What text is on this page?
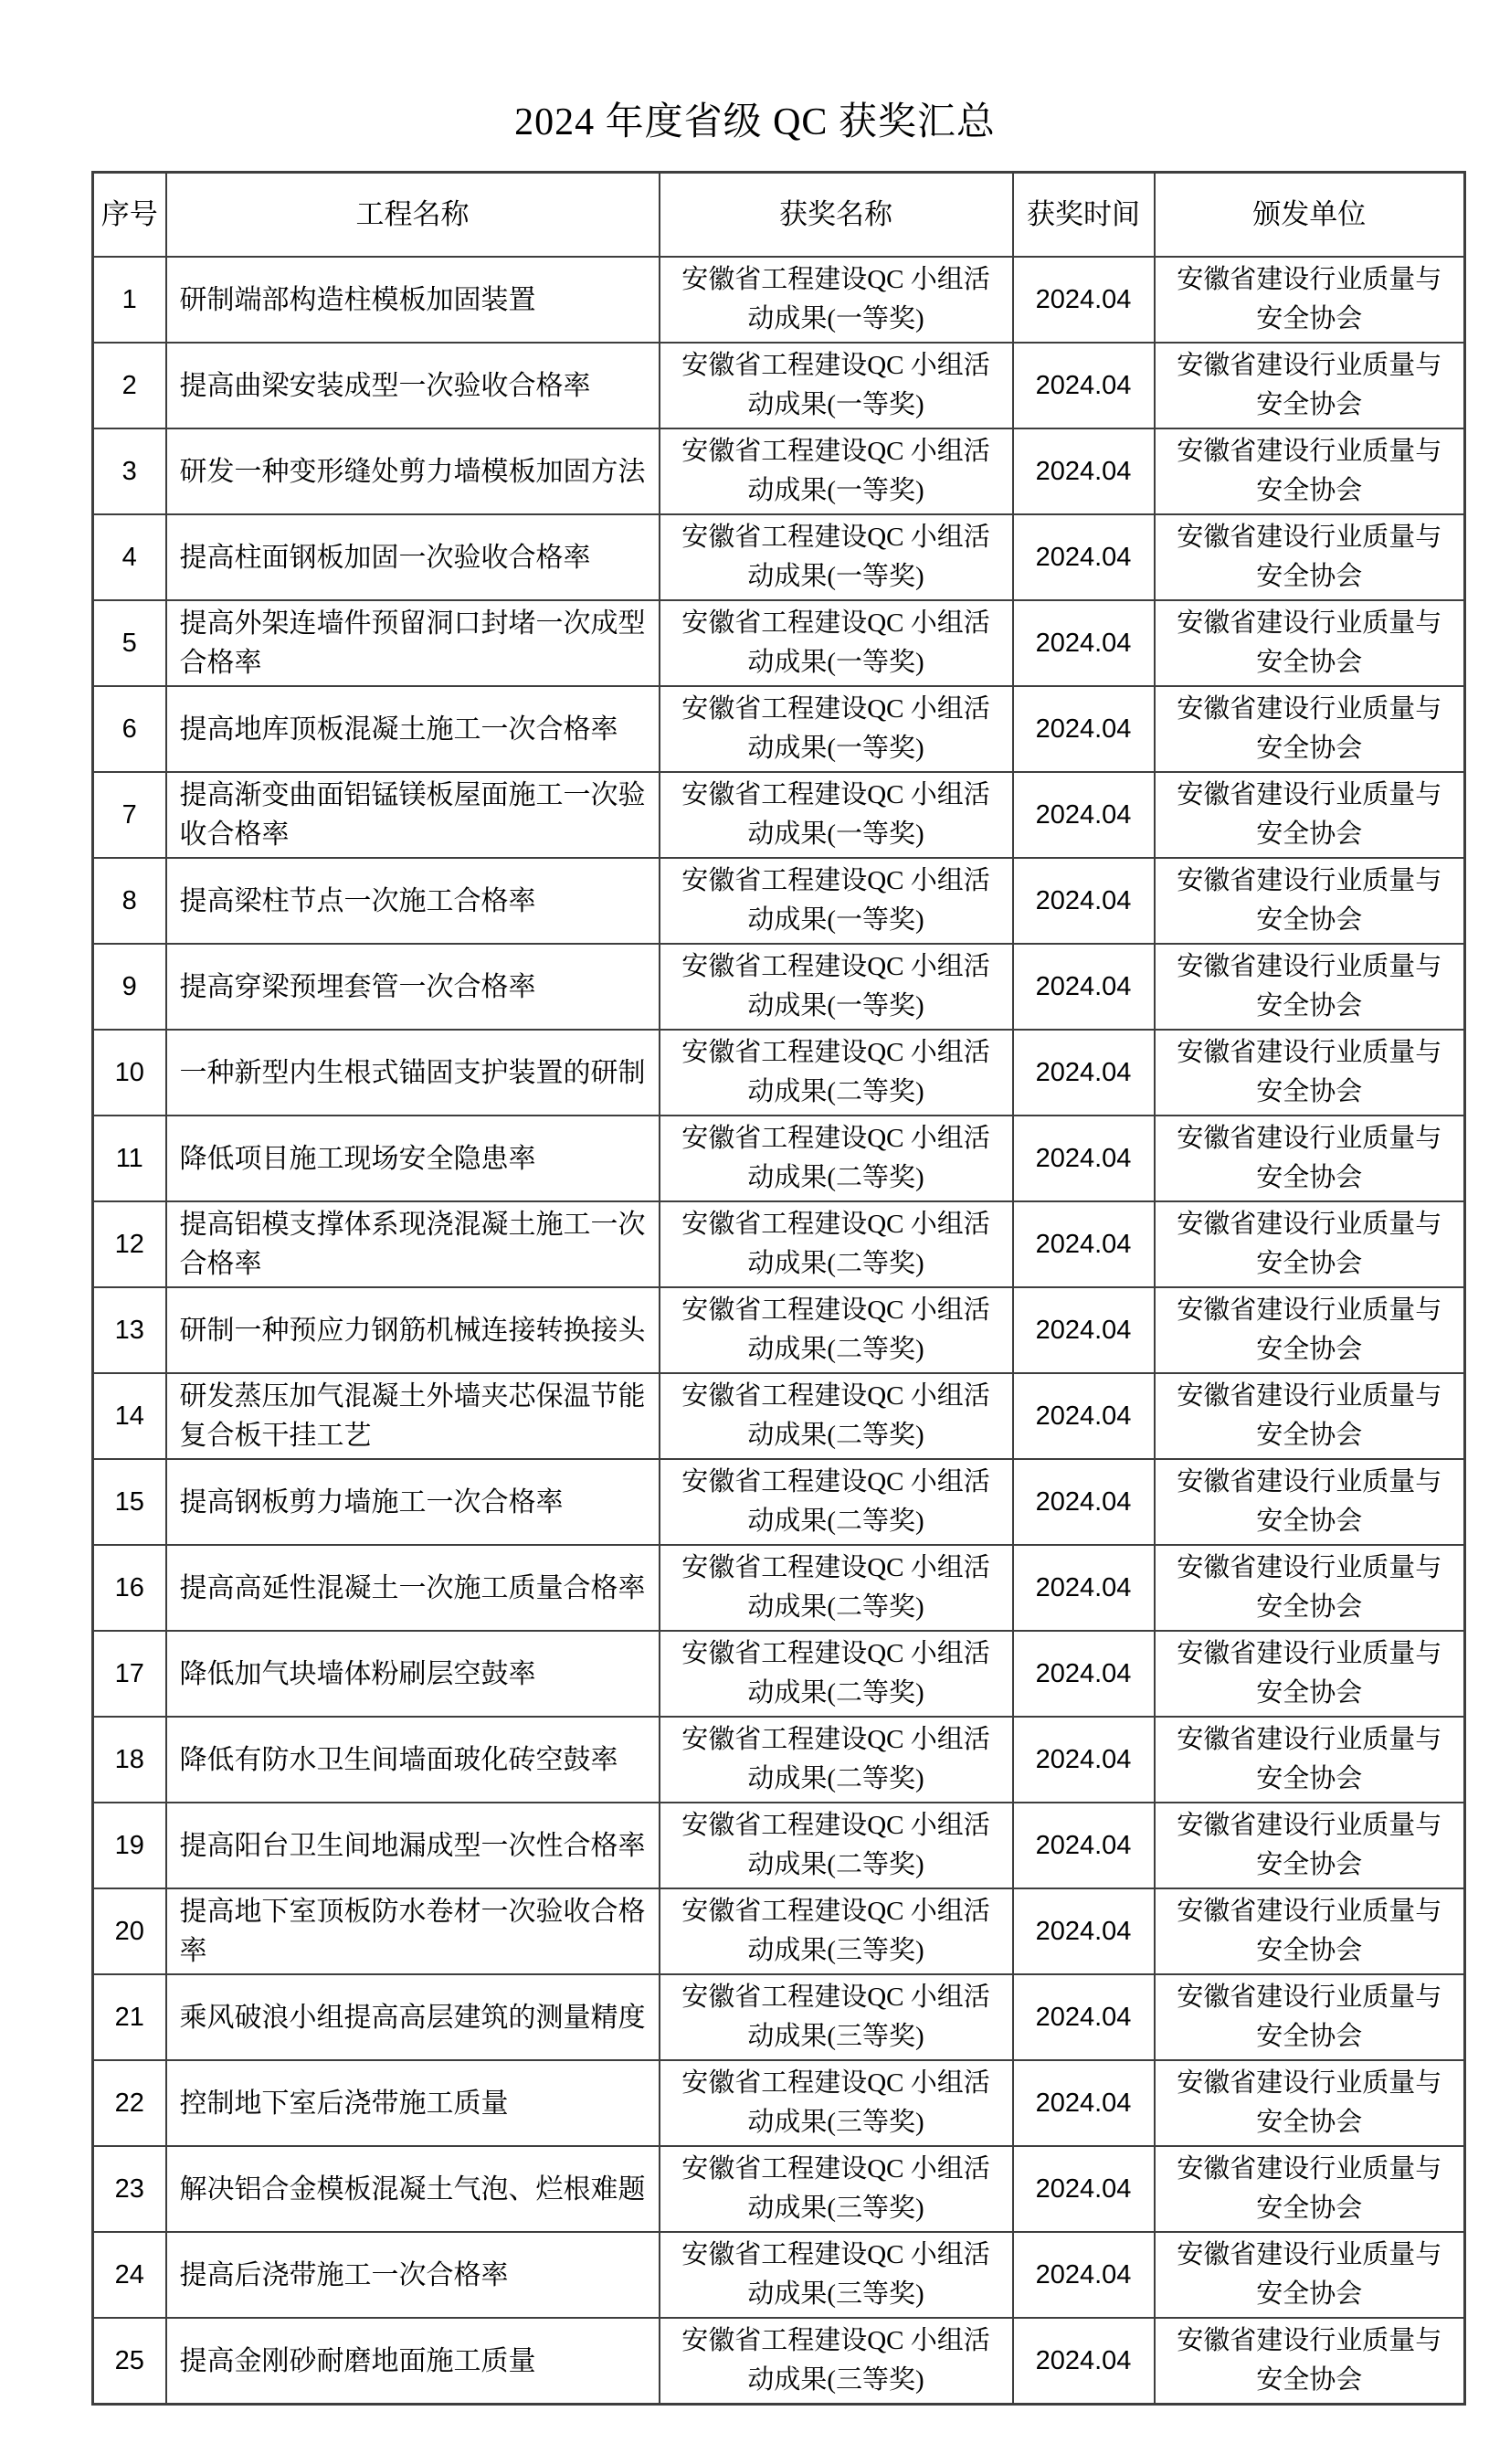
2024 年度省级 QC 获奖汇总
序号	工程名称	获奖名称	获奖时间	颁发单位
1	研制端部构造柱模板加固装置	安徽省工程建设QC 小组活动成果(一等奖)	2024.04	安徽省建设行业质量与安全协会
2	提高曲梁安装成型一次验收合格率	安徽省工程建设QC 小组活动成果(一等奖)	2024.04	安徽省建设行业质量与安全协会
3	研发一种变形缝处剪力墙模板加固方法	安徽省工程建设QC 小组活动成果(一等奖)	2024.04	安徽省建设行业质量与安全协会
4	提高柱面钢板加固一次验收合格率	安徽省工程建设QC 小组活动成果(一等奖)	2024.04	安徽省建设行业质量与安全协会
5	提高外架连墙件预留洞口封堵一次成型合格率	安徽省工程建设QC 小组活动成果(一等奖)	2024.04	安徽省建设行业质量与安全协会
6	提高地库顶板混凝土施工一次合格率	安徽省工程建设QC 小组活动成果(一等奖)	2024.04	安徽省建设行业质量与安全协会
7	提高渐变曲面铝锰镁板屋面施工一次验收合格率	安徽省工程建设QC 小组活动成果(一等奖)	2024.04	安徽省建设行业质量与安全协会
8	提高梁柱节点一次施工合格率	安徽省工程建设QC 小组活动成果(一等奖)	2024.04	安徽省建设行业质量与安全协会
9	提高穿梁预埋套管一次合格率	安徽省工程建设QC 小组活动成果(一等奖)	2024.04	安徽省建设行业质量与安全协会
10	一种新型内生根式锚固支护装置的研制	安徽省工程建设QC 小组活动成果(二等奖)	2024.04	安徽省建设行业质量与安全协会
11	降低项目施工现场安全隐患率	安徽省工程建设QC 小组活动成果(二等奖)	2024.04	安徽省建设行业质量与安全协会
12	提高铝模支撑体系现浇混凝土施工一次合格率	安徽省工程建设QC 小组活动成果(二等奖)	2024.04	安徽省建设行业质量与安全协会
13	研制一种预应力钢筋机械连接转换接头	安徽省工程建设QC 小组活动成果(二等奖)	2024.04	安徽省建设行业质量与安全协会
14	研发蒸压加气混凝土外墙夹芯保温节能复合板干挂工艺	安徽省工程建设QC 小组活动成果(二等奖)	2024.04	安徽省建设行业质量与安全协会
15	提高钢板剪力墙施工一次合格率	安徽省工程建设QC 小组活动成果(二等奖)	2024.04	安徽省建设行业质量与安全协会
16	提高高延性混凝土一次施工质量合格率	安徽省工程建设QC 小组活动成果(二等奖)	2024.04	安徽省建设行业质量与安全协会
17	降低加气块墙体粉刷层空鼓率	安徽省工程建设QC 小组活动成果(二等奖)	2024.04	安徽省建设行业质量与安全协会
18	降低有防水卫生间墙面玻化砖空鼓率	安徽省工程建设QC 小组活动成果(二等奖)	2024.04	安徽省建设行业质量与安全协会
19	提高阳台卫生间地漏成型一次性合格率	安徽省工程建设QC 小组活动成果(二等奖)	2024.04	安徽省建设行业质量与安全协会
20	提高地下室顶板防水卷材一次验收合格率	安徽省工程建设QC 小组活动成果(三等奖)	2024.04	安徽省建设行业质量与安全协会
21	乘风破浪小组提高高层建筑的测量精度	安徽省工程建设QC 小组活动成果(三等奖)	2024.04	安徽省建设行业质量与安全协会
22	控制地下室后浇带施工质量	安徽省工程建设QC 小组活动成果(三等奖)	2024.04	安徽省建设行业质量与安全协会
23	解决铝合金模板混凝土气泡、烂根难题	安徽省工程建设QC 小组活动成果(三等奖)	2024.04	安徽省建设行业质量与安全协会
24	提高后浇带施工一次合格率	安徽省工程建设QC 小组活动成果(三等奖)	2024.04	安徽省建设行业质量与安全协会
25	提高金刚砂耐磨地面施工质量	安徽省工程建设QC 小组活动成果(三等奖)	2024.04	安徽省建设行业质量与安全协会
